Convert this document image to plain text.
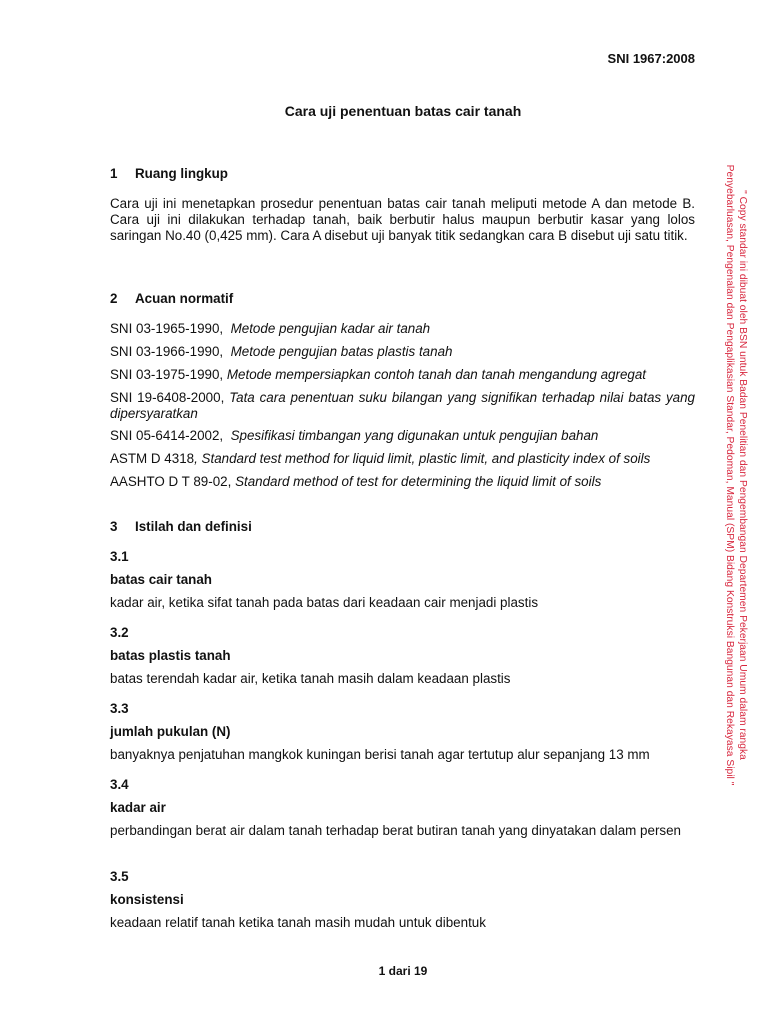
SNI 1967:2008
Cara uji penentuan batas cair tanah
1 Ruang lingkup
Cara uji ini menetapkan prosedur penentuan batas cair tanah meliputi metode A dan metode B. Cara uji ini dilakukan terhadap tanah, baik berbutir halus maupun berbutir kasar yang lolos saringan No.40 (0,425 mm). Cara A disebut uji banyak titik sedangkan cara B disebut uji satu titik.
2 Acuan normatif
SNI 03-1965-1990, Metode pengujian kadar air tanah
SNI 03-1966-1990, Metode pengujian batas plastis tanah
SNI 03-1975-1990, Metode mempersiapkan contoh tanah dan tanah mengandung agregat
SNI 19-6408-2000, Tata cara penentuan suku bilangan yang signifikan terhadap nilai batas yang dipersyaratkan
SNI 05-6414-2002, Spesifikasi timbangan yang digunakan untuk pengujian bahan
ASTM D 4318, Standard test method for liquid limit, plastic limit, and plasticity index of soils
AASHTO D T 89-02, Standard method of test for determining the liquid limit of soils
3 Istilah dan definisi
3.1
batas cair tanah
kadar air, ketika sifat tanah pada batas dari keadaan cair menjadi plastis
3.2
batas plastis tanah
batas terendah kadar air, ketika tanah masih dalam keadaan plastis
3.3
jumlah pukulan (N)
banyaknya penjatuhan mangkok kuningan berisi tanah agar tertutup alur sepanjang 13 mm
3.4
kadar air
perbandingan berat air dalam tanah terhadap berat butiran tanah yang dinyatakan dalam persen
3.5
konsistensi
keadaan relatif tanah ketika tanah masih mudah untuk dibentuk
1 dari 19
" Copy standar ini dibuat oleh BSN untuk Badan Penelitian dan Pengembangan Departemen Pekerjaan Umum dalam rangka Penyebarluasan, Pengenalan dan Pengaplikasian Standar, Pedoman, Manual (SPM) Bidang Konstruksi Bangunan dan Rekayasa Sipil "
